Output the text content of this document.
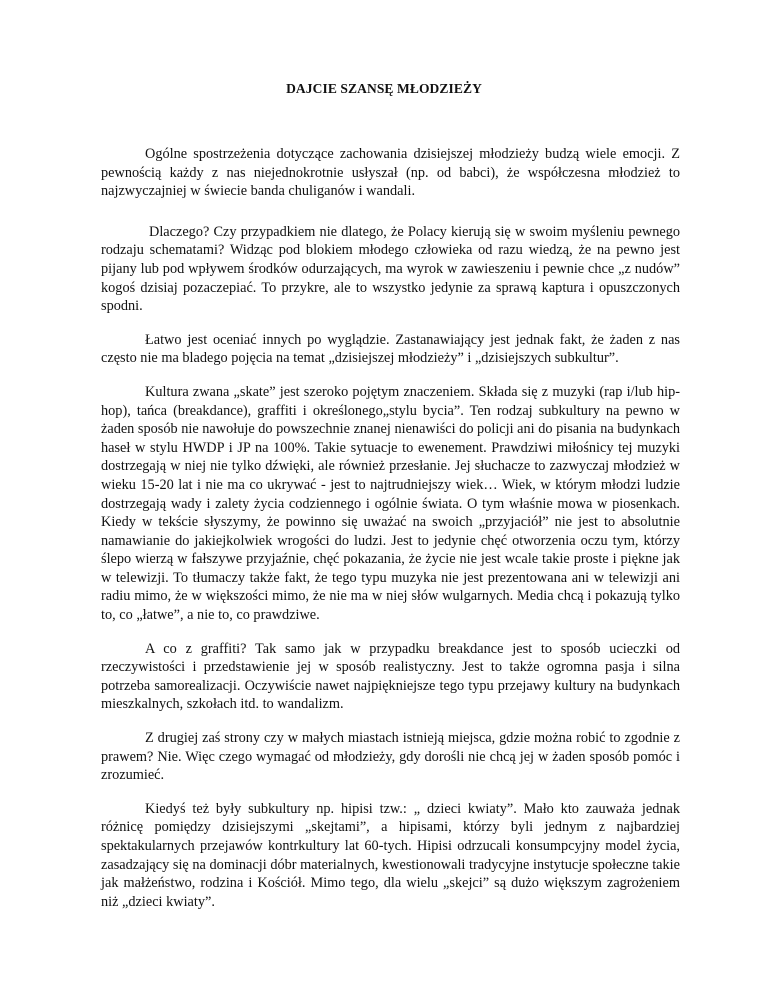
DAJCIE SZANSĘ MŁODZIEŻY

Ogólne spostrzeżenia dotyczące zachowania dzisiejszej młodzieży budzą wiele emocji. Z pewnością każdy z nas niejednokrotnie usłyszał (np. od babci), że współczesna młodzież to najzwyczajniej w świecie banda chuliganów i wandali.

Dlaczego? Czy przypadkiem nie dlatego, że Polacy kierują się w swoim myśleniu pewnego rodzaju schematami? Widząc pod blokiem młodego człowieka od razu wiedzą, że na pewno jest pijany lub pod wpływem środków odurzających, ma wyrok w zawieszeniu i pewnie chce „z nudów” kogoś dzisiaj pozaczepiać. To przykre, ale to wszystko jedynie za sprawą kaptura i opuszczonych spodni.

Łatwo jest oceniać innych po wyglądzie. Zastanawiający jest jednak fakt, że żaden z nas często nie ma bladego pojęcia na temat „dzisiejszej młodzieży” i „dzisiejszych subkultur”.

Kultura zwana „skate” jest szeroko pojętym znaczeniem. Składa się z muzyki (rap i/lub hip-hop), tańca (breakdance), graffiti i określonego„stylu bycia”. Ten rodzaj subkultury na pewno w żaden sposób nie nawołuje do powszechnie znanej nienawiści do policji ani do pisania na budynkach haseł w stylu HWDP i JP na 100%. Takie sytuacje to ewenement. Prawdziwi miłośnicy tej muzyki dostrzegają w niej nie tylko dźwięki, ale również przesłanie. Jej słuchacze to zazwyczaj młodzież w wieku 15-20 lat i nie ma co ukrywać - jest to najtrudniejszy wiek… Wiek, w którym młodzi ludzie dostrzegają wady i zalety życia codziennego i ogólnie świata. O tym właśnie mowa w piosenkach. Kiedy w tekście słyszymy, że powinno się uważać na swoich „przyjaciół” nie jest to absolutnie namawianie do jakiejkolwiek wrogości do ludzi. Jest to jedynie chęć otworzenia oczu tym, którzy ślepo wierzą w fałszywe przyjaźnie, chęć pokazania, że życie nie jest wcale takie proste i piękne jak w telewizji. To tłumaczy także fakt, że tego typu muzyka nie jest prezentowana ani w telewizji ani radiu mimo, że w większości mimo, że nie ma w niej słów wulgarnych. Media chcą i pokazują tylko to, co „łatwe”, a nie to, co prawdziwe.

A co z graffiti? Tak samo jak w przypadku breakdance jest to sposób ucieczki od rzeczywistości i przedstawienie jej w sposób realistyczny. Jest to także ogromna pasja i silna potrzeba samorealizacji. Oczywiście nawet najpiękniejsze tego typu przejawy kultury na budynkach mieszkalnych, szkołach itd. to wandalizm.

Z drugiej zaś strony czy w małych miastach istnieją miejsca, gdzie można robić to zgodnie z prawem? Nie. Więc czego wymagać od młodzieży, gdy dorośli nie chcą jej w żaden sposób pomóc i zrozumieć.

Kiedyś też były subkultury np. hipisi tzw.: „ dzieci kwiaty”. Mało kto zauważa jednak różnicę pomiędzy dzisiejszymi „skejtami”, a hipisami, którzy byli jednym z najbardziej spektakularnych przejawów kontrkultury lat 60-tych. Hipisi odrzucali konsumpcyjny model życia, zasadzający się na dominacji dóbr materialnych, kwestionowali tradycyjne instytucje społeczne takie jak małżeństwo, rodzina i Kościół. Mimo tego, dla wielu „skejci” są dużo większym zagrożeniem niż „dzieci kwiaty”.
